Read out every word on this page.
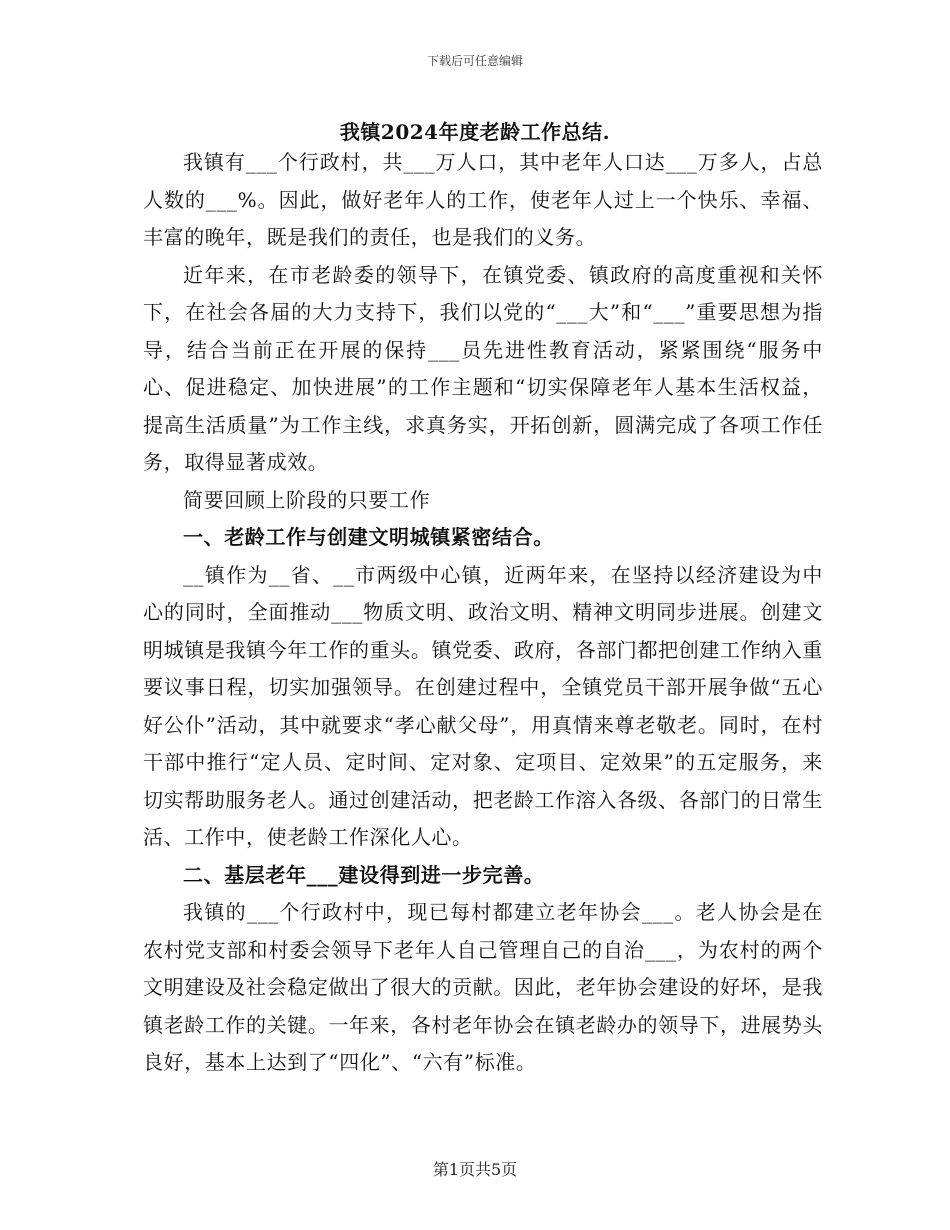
下载后可任意编辑
我镇2024年度老龄工作总结.

我镇有___个行政村，共___万人口，其中老年人口达___万多人，占总人数的___%。因此，做好老年人的工作，使老年人过上一个快乐、幸福、丰富的晚年，既是我们的责任，也是我们的义务。

近年来，在市老龄委的领导下，在镇党委、镇政府的高度重视和关怀下，在社会各届的大力支持下，我们以党的“___大”和“___”重要思想为指导，结合当前正在开展的保持___员先进性教育活动，紧紧围绕“服务中心、促进稳定、加快进展”的工作主题和“切实保障老年人基本生活权益，提高生活质量”为工作主线，求真务实，开拓创新，圆满完成了各项工作任务，取得显著成效。

简要回顾上阶段的只要工作

一、老龄工作与创建文明城镇紧密结合。

__镇作为__省、__市两级中心镇，近两年来，在坚持以经济建设为中心的同时，全面推动___物质文明、政治文明、精神文明同步进展。创建文明城镇是我镇今年工作的重头。镇党委、政府，各部门都把创建工作纳入重要议事日程，切实加强领导。在创建过程中，全镇党员干部开展争做“五心好公仆”活动，其中就要求“孝心献父母”，用真情来尊老敬老。同时，在村干部中推行“定人员、定时间、定对象、定项目、定效果”的五定服务，来切实帮助服务老人。通过创建活动，把老龄工作溶入各级、各部门的日常生活、工作中，使老龄工作深化人心。

二、基层老年___建设得到进一步完善。

我镇的___个行政村中，现已每村都建立老年协会___。老人协会是在农村党支部和村委会领导下老年人自己管理自己的自治___，为农村的两个文明建设及社会稳定做出了很大的贡献。因此，老年协会建设的好坏，是我镇老龄工作的关键。一年来，各村老年协会在镇老龄办的领导下，进展势头良好，基本上达到了“四化”、“六有”标准。

第1页共5页
